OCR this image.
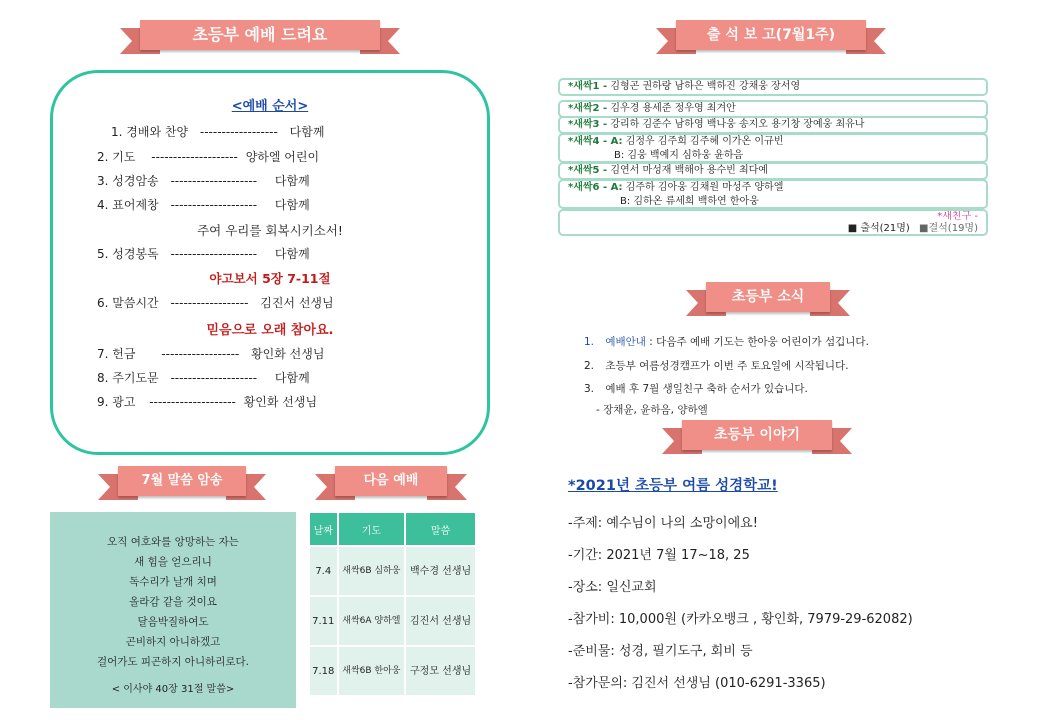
초등부 예배 드려요	출 석 보 고(7월1주)
초등부 소식
초등부 이야기
7월 말씀 암송	다음 예배
<예배 순서>
1. 경배와 찬양 ------------------ 다함께
2. 기도 -------------------- 양하엘 어린이
3. 성경암송 -------------------- 다함께
4. 표어제창 -------------------- 다함께
주여 우리를 회복시키소서!
5. 성경봉독 -------------------- 다함께
야고보서 5장 7-11절
6. 말씀시간 ------------------ 김진서 선생님
믿음으로 오래 참아요.
7. 헌금 ------------------ 황인화 선생님
8. 주기도문 -------------------- 다함께
9. 광고 -------------------- 황인화 선생님
*새싹1 - 김형곤 권하랑 남하은 백하진 강채웅 장서영
*새싹2 - 김우경 용세준 정우영 최겨안
*새싹3 - 강리하 김준수 남하영 백나웅 송지오 용기창 장예웅 최유나
*새싹4 - A: 김정우 김주희 김주혜 이가온 이규빈
B: 김웅 백예지 심하웅 윤하음
*새싹5 - 김연서 마성재 백해아 용수빈 최다예
*새싹6 - A: 김주하 김아웅 김채원 마성주 양하엘
B: 김하온 류세희 백하연 한아웅
*새친구 -
■ 출석(21명) ■결석(19명)
1. 예배안내 : 다음주 예배 기도는 한아웅 어린이가 섬깁니다.
2. 초등부 여름성경캠프가 이번 주 토요일에 시작됩니다.
3. 예배 후 7월 생일친구 축하 순서가 있습니다.
- 장채윤, 윤하음, 양하엘
*2021년 초등부 여름 성경학교!
-주제: 예수님이 나의 소망이에요!
-기간: 2021년 7월 17~18, 25
-장소: 일신교회
-참가비: 10,000원 (카카오뱅크 , 황인화, 7979-29-62082)
-준비물: 성경, 필기도구, 회비 등
-참가문의: 김진서 선생님 (010-6291-3365)
오직 여호와를 앙망하는 자는
새 힘을 얻으리니
독수리가 날개 치며
올라감 같을 것이요
달음박질하여도
곤비하지 아니하겠고
걸어가도 피곤하지 아니하리로다.
< 이사야 40장 31절 말씀>
날짜	기도	말씀
7.4	새싹6B 심하웅	백수경 선생님
7.11	새싹6A 양하엘	김진서 선생님
7.18	새싹6B 한아웅	구정모 선생님
